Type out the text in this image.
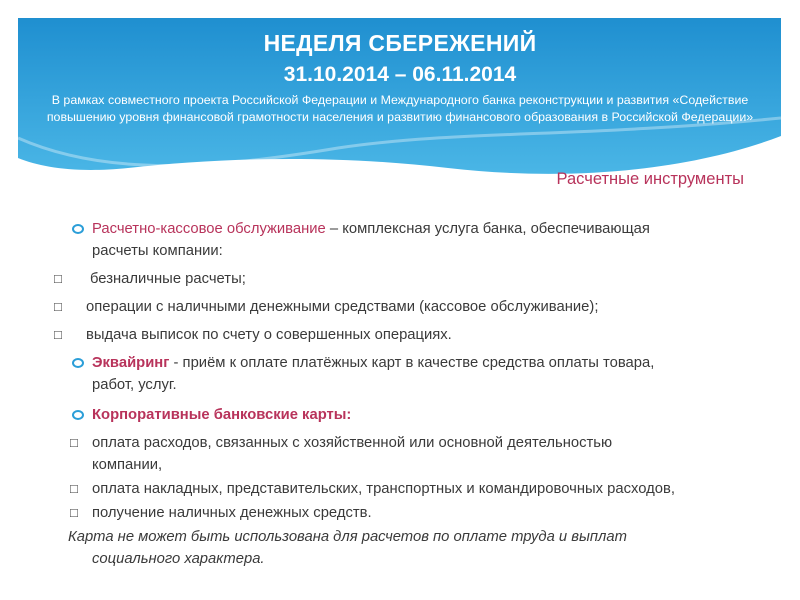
НЕДЕЛЯ СБЕРЕЖЕНИЙ
31.10.2014 – 06.11.2014
В рамках совместного проекта Российской Федерации и Международного банка реконструкции и развития «Содействие повышению уровня финансовой грамотности населения и развитию финансового образования в Российской Федерации»
Расчетные инструменты
Расчетно-кассовое обслуживание – комплексная услуга банка, обеспечивающая
расчеты компании:
□ безналичные расчеты;
□ операции с наличными денежными средствами (кассовое обслуживание);
□ выдача выписок по счету о совершенных операциях.
Эквайринг - приём к оплате платёжных карт в качестве средства оплаты товара,
работ, услуг.
Корпоративные банковские карты:
□ оплата расходов, связанных с хозяйственной или основной деятельностью
компании,
□ оплата накладных, представительских, транспортных и командировочных расходов,
□ получение наличных денежных средств.
Карта не может быть использована для расчетов по оплате труда и выплат
социального характера.
